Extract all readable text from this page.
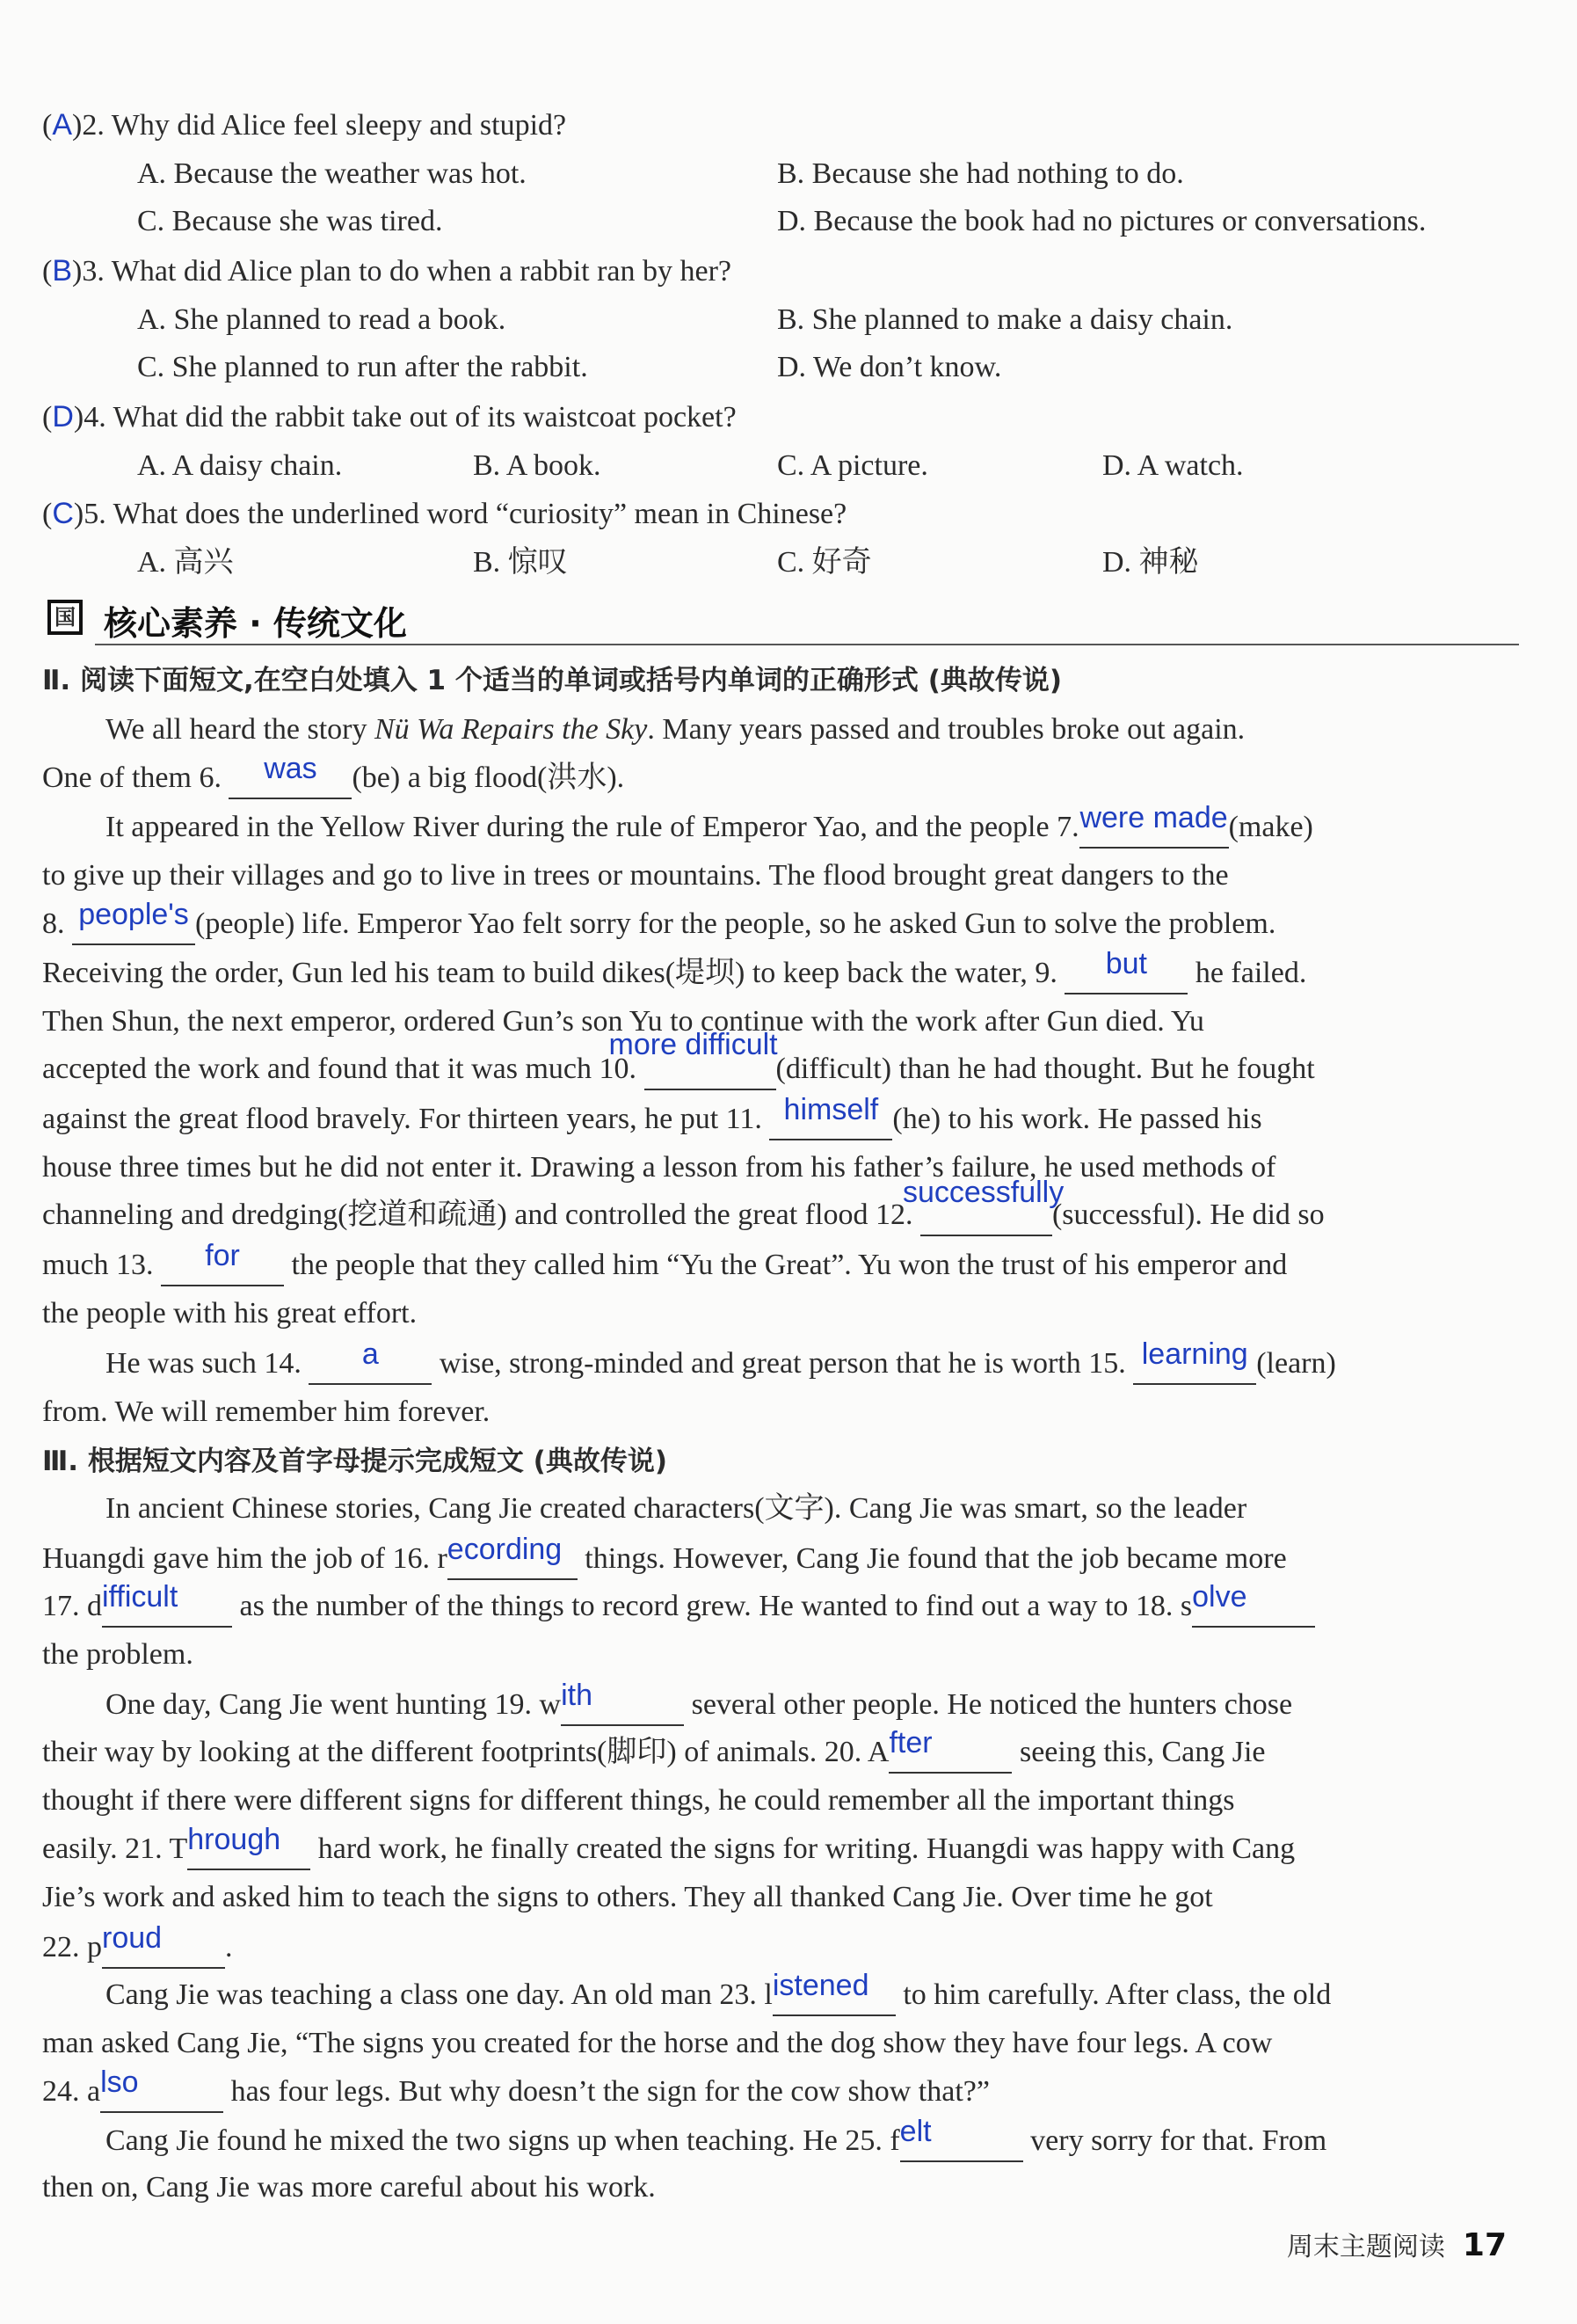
(A)2. Why did Alice feel sleepy and stupid?
A. Because the weather was hot.	B. Because she had nothing to do.
C. Because she was tired.	D. Because the book had no pictures or conversations.
(B)3. What did Alice plan to do when a rabbit ran by her?
A. She planned to read a book.	B. She planned to make a daisy chain.
C. She planned to run after the rabbit.	D. We don’t know.
(D)4. What did the rabbit take out of its waistcoat pocket?
A. A daisy chain.	B. A book.	C. A picture.	D. A watch.
(C)5. What does the underlined word “curiosity” mean in Chinese?
A. 高兴	B. 惊叹	C. 好奇	D. 神秘
国 核心素养 · 传统文化
Ⅱ. 阅读下面短文,在空白处填入 1 个适当的单词或括号内单词的正确形式 (典故传说)
We all heard the story Nü Wa Repairs the Sky. Many years passed and troubles broke out again.
One of them 6. was (be) a big flood(洪水).
It appeared in the Yellow River during the rule of Emperor Yao, and the people 7.were made(make)
to give up their villages and go to live in trees or mountains. The flood brought great dangers to the
8. people's (people) life. Emperor Yao felt sorry for the people, so he asked Gun to solve the problem.
Receiving the order, Gun led his team to build dikes(堤坝) to keep back the water, 9. but he failed.
Then Shun, the next emperor, ordered Gun’s son Yu to continue with the work after Gun died. Yu
accepted the work and found that it was much 10.
more difficult
(difficult) than he had thought. But he fought
against the great flood bravely. For thirteen years, he put 11. himself (he) to his work. He passed his
house three times but he did not enter it. Drawing a lesson from his father’s failure, he used methods of
channeling and dredging(挖道和疏通) and controlled the great flood 12.
successfully
(successful). He did so
much 13. for the people that they called him “Yu the Great”. Yu won the trust of his emperor and
the people with his great effort.
He was such 14. a wise, strong-minded and great person that he is worth 15. learning (learn)
from. We will remember him forever.
Ⅲ. 根据短文内容及首字母提示完成短文 (典故传说)
In ancient Chinese stories, Cang Jie created characters(文字). Cang Jie was smart, so the leader
Huangdi gave him the job of 16. recording things. However, Cang Jie found that the job became more
17. difficult as the number of the things to record grew. He wanted to find out a way to 18. solve
the problem.
One day, Cang Jie went hunting 19. with	several other people. He noticed the hunters chose
their way by looking at the different footprints(脚印) of animals. 20. After	seeing this, Cang Jie
thought if there were different signs for different things, he could remember all the important things
easily. 21. Through hard work, he finally created the signs for writing. Huangdi was happy with Cang
Jie’s work and asked him to teach the signs to others. They all thanked Cang Jie. Over time he got
22. proud .
Cang Jie was teaching a class one day. An old man 23. listened to him carefully. After class, the old
man asked Cang Jie, “The signs you created for the horse and the dog show they have four legs. A cow
24. also	has four legs. But why doesn’t the sign for the cow show that?”
Cang Jie found he mixed the two signs up when teaching. He 25. felt	very sorry for that. From
then on, Cang Jie was more careful about his work.
周末主题阅读 17
